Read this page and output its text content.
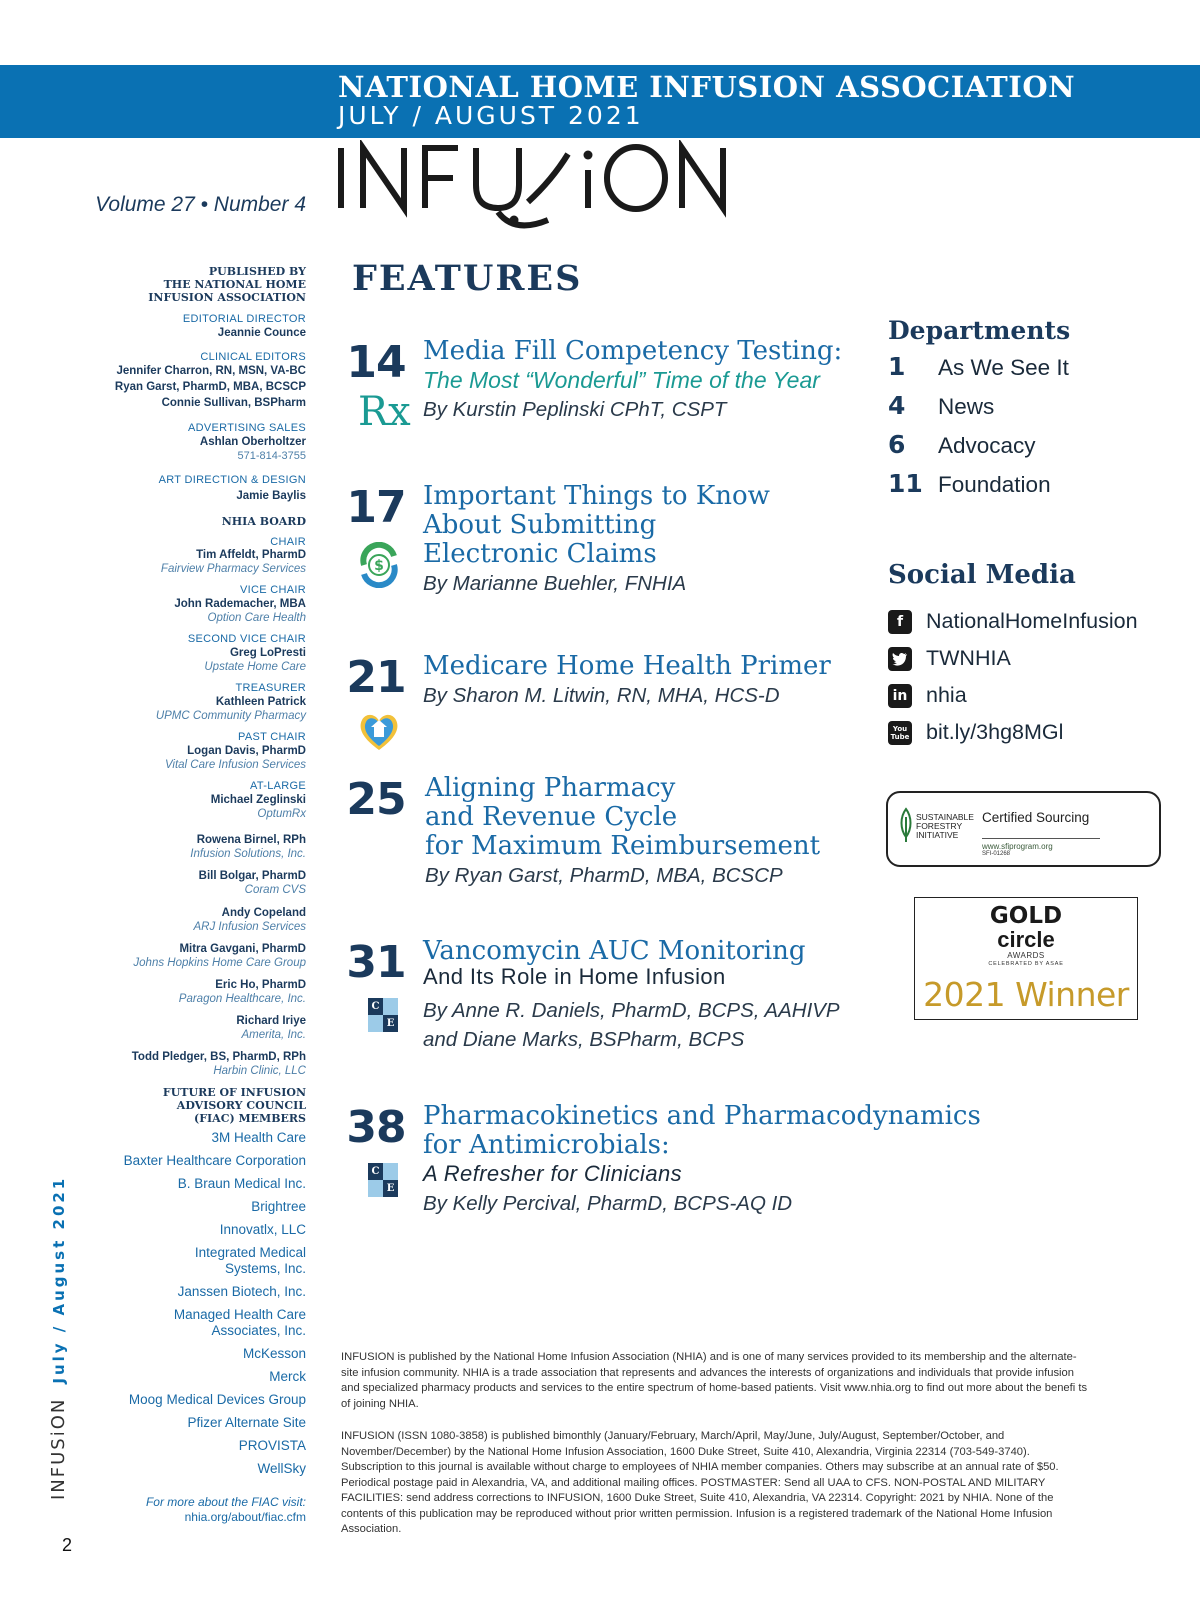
NATIONAL HOME INFUSION ASSOCIATION
JULY / AUGUST 2021
Volume 27 • Number 4
PUBLISHED BY
THE NATIONAL HOME
INFUSION ASSOCIATION
EDITORIAL DIRECTOR
Jeannie Counce
CLINICAL EDITORS
Jennifer Charron, RN, MSN, VA-BC
Ryan Garst, PharmD, MBA, BCSCP
Connie Sullivan, BSPharm
ADVERTISING SALES
Ashlan Oberholtzer
571-814-3755
ART DIRECTION & DESIGN
Jamie Baylis
NHIA BOARD
CHAIR
Tim Affeldt, PharmD
Fairview Pharmacy Services
VICE CHAIR
John Rademacher, MBA
Option Care Health
SECOND VICE CHAIR
Greg LoPresti
Upstate Home Care
TREASURER
Kathleen Patrick
UPMC Community Pharmacy
PAST CHAIR
Logan Davis, PharmD
Vital Care Infusion Services
AT-LARGE
Michael Zeglinski
OptumRx
Rowena Birnel, RPh
Infusion Solutions, Inc.
Bill Bolgar, PharmD
Coram CVS
Andy Copeland
ARJ Infusion Services
Mitra Gavgani, PharmD
Johns Hopkins Home Care Group
Eric Ho, PharmD
Paragon Healthcare, Inc.
Richard Iriye
Amerita, Inc.
Todd Pledger, BS, PharmD, RPh
Harbin Clinic, LLC
FUTURE OF INFUSION
ADVISORY COUNCIL
(FIAC) MEMBERS
3M Health Care
Baxter Healthcare Corporation
B. Braun Medical Inc.
Brightree
Innovatlx, LLC
Integrated Medical
Systems, Inc.
Janssen Biotech, Inc.
Managed Health Care
Associates, Inc.
McKesson
Merck
Moog Medical Devices Group
Pfizer Alternate Site
PROVISTA
WellSky
For more about the FIAC visit:
nhia.org/about/fiac.cfm
INFUSiONJuly / August 2021
2
FEATURES
14
Rx
Media Fill Competency Testing:
The Most “Wonderful” Time of the Year
By Kurstin Peplinski CPhT, CSPT
17
$
Important Things to Know
About Submitting
Electronic Claims
By Marianne Buehler, FNHIA
21 Medicare Home Health Primer
By Sharon M. Litwin, RN, MHA, HCS-D
25 Aligning Pharmacy
and Revenue Cycle
for Maximum Reimbursement
By Ryan Garst, PharmD, MBA, BCSCP
31
C
E
Vancomycin AUC Monitoring
And Its Role in Home Infusion
By Anne R. Daniels, PharmD, BCPS, AAHIVP
and Diane Marks, BSPharm, BCPS
38
C
E
Pharmacokinetics and Pharmacodynamics
for Antimicrobials:
A Refresher for Clinicians
By Kelly Percival, PharmD, BCPS-AQ ID
Departments
1 As We See It
4 News
6 Advocacy
11 Foundation
Social Media
f	NationalHomeInfusion
TWNHIA
in nhia
You
Tube bit.ly/3hg8MGl
SUSTAINABLE
FORESTRY
INITIATIVE
Certified Sourcing
www.sfiprogram.org
SFI-01268
GOLD
circle
AWARDS
CELEBRATED BY ASAE
2021 Winner
INFUSION is published by the National Home Infusion Association (NHIA) and is one of many services provided to its membership and the alternate-site infusion community. NHIA is a trade association that represents and advances the interests of organizations and individuals that provide infusion and specialized pharmacy products and services to the entire spectrum of home-based patients. Visit www.nhia.org to find out more about the benefi ts of joining NHIA.
INFUSION (ISSN 1080-3858) is published bimonthly (January/February, March/April, May/June, July/August, September/October, and November/December) by the National Home Infusion Association, 1600 Duke Street, Suite 410, Alexandria, Virginia 22314 (703-549-3740). Subscription to this journal is available without charge to employees of NHIA member companies. Others may subscribe at an annual rate of $50. Periodical postage paid in Alexandria, VA, and additional mailing offices. POSTMASTER: Send all UAA to CFS. NON-POSTAL AND MILITARY FACILITIES: send address corrections to INFUSION, 1600 Duke Street, Suite 410, Alexandria, VA 22314. Copyright: 2021 by NHIA. None of the contents of this publication may be reproduced without prior written permission. Infusion is a registered trademark of the National Home Infusion Association.
